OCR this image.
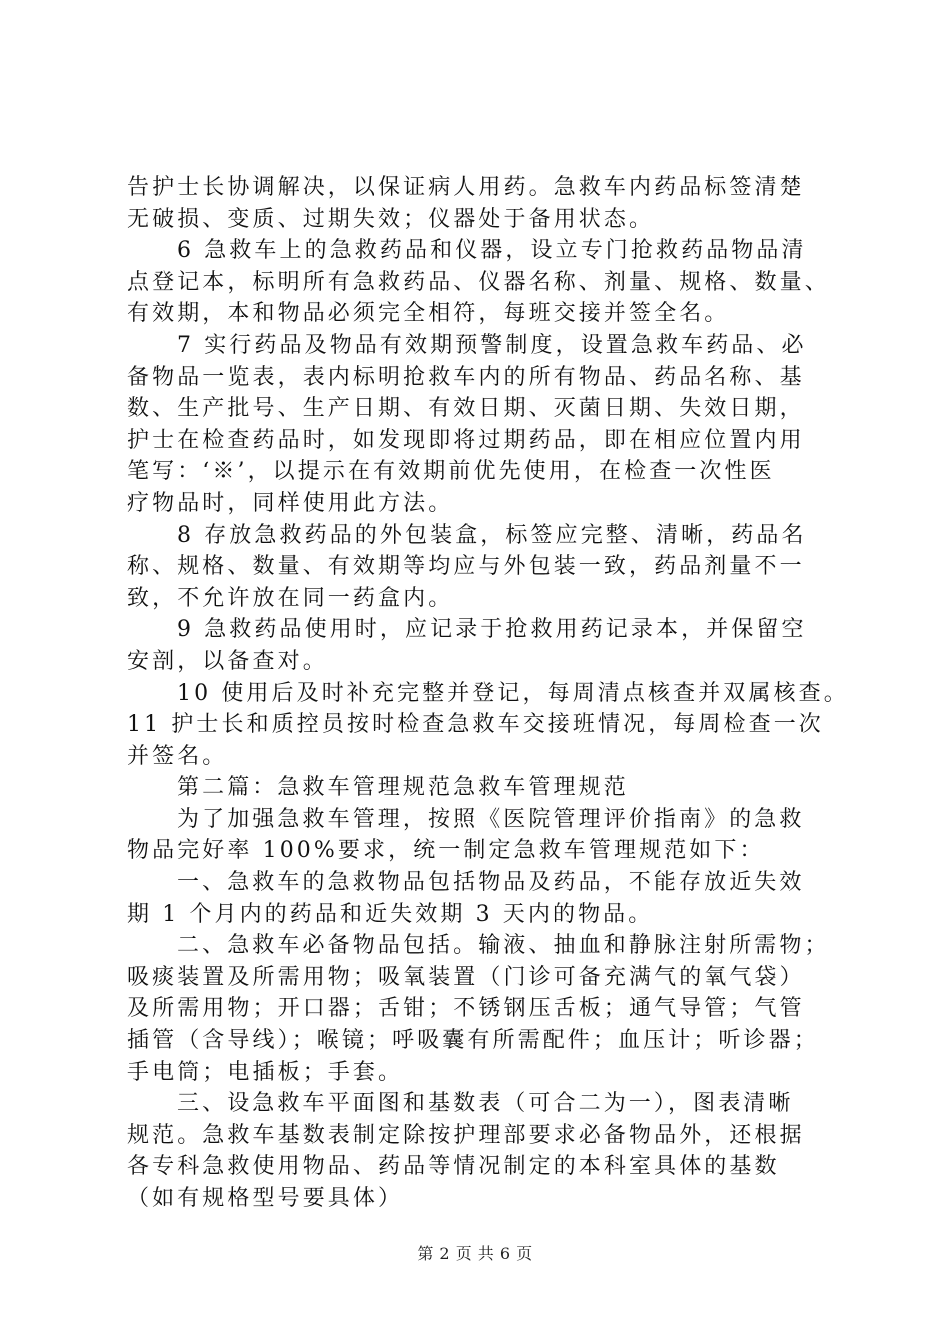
告护士长协调解决，以保证病人用药。急救车内药品标签清楚
无破损、变质、过期失效；仪器处于备用状态。
6 急救车上的急救药品和仪器，设立专门抢救药品物品清
点登记本，标明所有急救药品、仪器名称、剂量、规格、数量、
有效期，本和物品必须完全相符，每班交接并签全名。
7 实行药品及物品有效期预警制度，设置急救车药品、必
备物品一览表，表内标明抢救车内的所有物品、药品名称、基
数、生产批号、生产日期、有效日期、灭菌日期、失效日期，
护士在检查药品时，如发现即将过期药品，即在相应位置内用
笔写：‘※’，以提示在有效期前优先使用，在检查一次性医
疗物品时，同样使用此方法。
8 存放急救药品的外包装盒，标签应完整、清晰，药品名
称、规格、数量、有效期等均应与外包装一致，药品剂量不一
致，不允许放在同一药盒内。
9 急救药品使用时，应记录于抢救用药记录本，并保留空
安剖，以备查对。
10 使用后及时补充完整并登记，每周清点核查并双属核查。
11 护士长和质控员按时检查急救车交接班情况，每周检查一次
并签名。
第二篇：急救车管理规范急救车管理规范
为了加强急救车管理，按照《医院管理评价指南》的急救
物品完好率 100%要求，统一制定急救车管理规范如下：
一、急救车的急救物品包括物品及药品，不能存放近失效
期 1 个月内的药品和近失效期 3 天内的物品。
二、急救车必备物品包括。输液、抽血和静脉注射所需物；
吸痰装置及所需用物；吸氧装置（门诊可备充满气的氧气袋）
及所需用物；开口器；舌钳；不锈钢压舌板；通气导管；气管
插管（含导线）；喉镜；呼吸囊有所需配件；血压计；听诊器；
手电筒；电插板；手套。
三、设急救车平面图和基数表（可合二为一），图表清晰
规范。急救车基数表制定除按护理部要求必备物品外，还根据
各专科急救使用物品、药品等情况制定的本科室具体的基数
（如有规格型号要具体）
第 2 页 共 6 页
